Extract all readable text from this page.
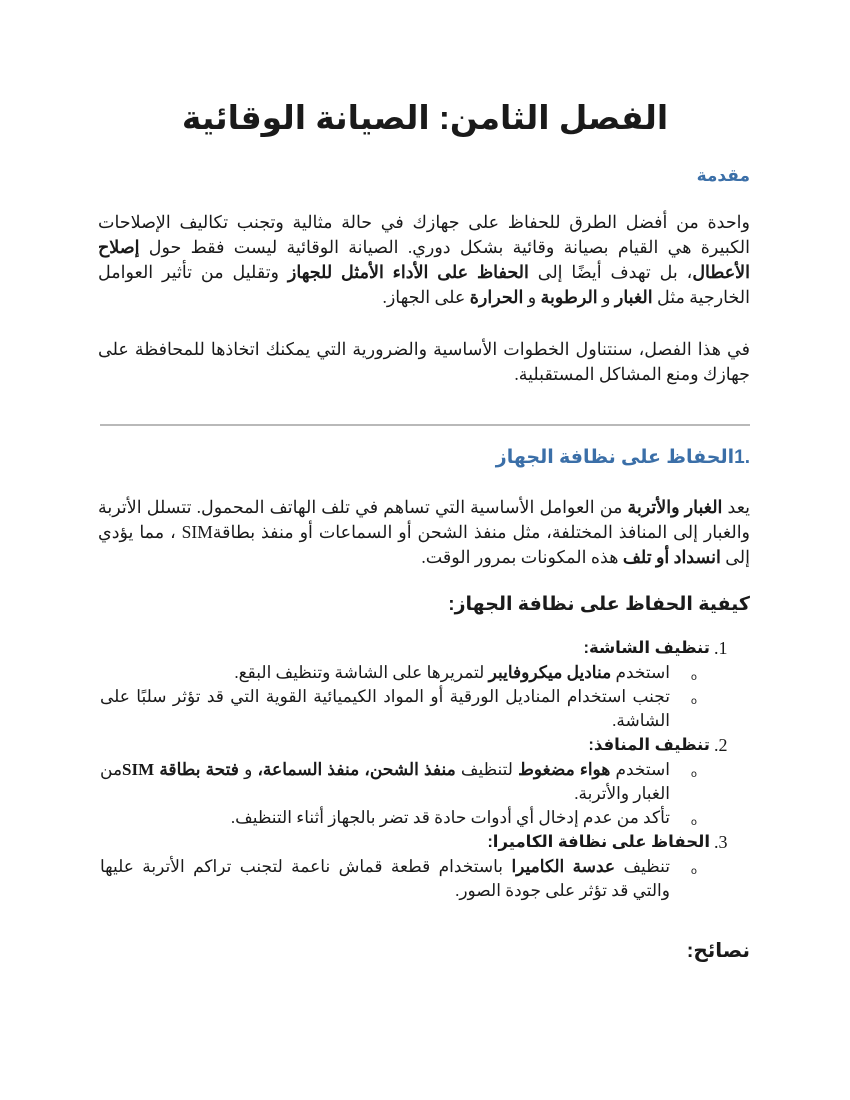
الفصل الثامن: الصيانة الوقائية
مقدمة

واحدة من أفضل الطرق للحفاظ على جهازك في حالة مثالية وتجنب تكاليف الإصلاحات الكبيرة هي القيام بصيانة وقائية بشكل دوري. الصيانة الوقائية ليست فقط حول إصلاح الأعطال، بل تهدف أيضًا إلى الحفاظ على الأداء الأمثل للجهاز وتقليل من تأثير العوامل الخارجية مثل الغبار و الرطوبة و الحرارة على الجهاز.

في هذا الفصل، سنتناول الخطوات الأساسية والضرورية التي يمكنك اتخاذها للمحافظة على جهازك ومنع المشاكل المستقبلية.

.1الحفاظ على نظافة الجهاز

يعد الغبار والأتربة من العوامل الأساسية التي تساهم في تلف الهاتف المحمول. تتسلل الأتربة والغبار إلى المنافذ المختلفة، مثل منفذ الشحن أو السماعات أو منفذ بطاقةSIM ، مما يؤدي إلى انسداد أو تلف هذه المكونات بمرور الوقت.

كيفية الحفاظ على نظافة الجهاز:
1.
تنظيف الشاشة:
o
استخدم مناديل ميكروفايبر لتمريرها على الشاشة وتنظيف البقع.
o
تجنب استخدام المناديل الورقية أو المواد الكيميائية القوية التي قد تؤثر سلبًا على الشاشة.
2.
تنظيف المنافذ:
o
استخدم هواء مضغوط لتنظيف منفذ الشحن، منفذ السماعة، و فتحة بطاقة SIMمن الغبار والأتربة.
o
تأكد من عدم إدخال أي أدوات حادة قد تضر بالجهاز أثناء التنظيف.
3.
الحفاظ على نظافة الكاميرا:
o
تنظيف عدسة الكاميرا باستخدام قطعة قماش ناعمة لتجنب تراكم الأتربة عليها والتي قد تؤثر على جودة الصور.
نصائح:
